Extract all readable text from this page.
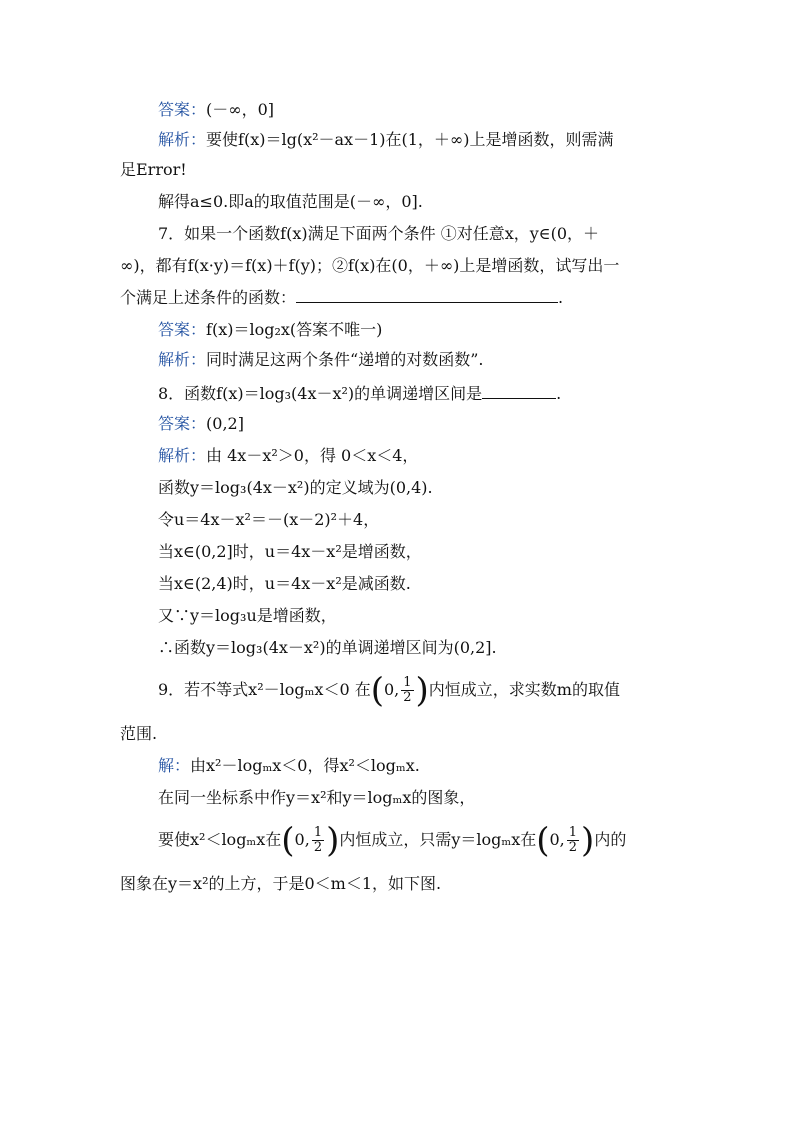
答案：(－∞，0]
解析：要使f(x)＝lg(x²－ax－1)在(1，＋∞)上是增函数，则需满
足Error!
解得a≤0.即a的取值范围是(－∞，0].
7．如果一个函数f(x)满足下面两个条件 ①对任意x，y∈(0，＋
∞)，都有f(x·y)＝f(x)＋f(y)；②f(x)在(0，＋∞)上是增函数，试写出一
个满足上述条件的函数：	.
答案：f(x)＝log₂x(答案不唯一)
解析：同时满足这两个条件“递增的对数函数”.
8．函数f(x)＝log₃(4x－x²)的单调递增区间是	.
答案：(0,2]
解析：由 4x－x²＞0，得 0＜x＜4，
函数y＝log₃(4x－x²)的定义域为(0,4).
令u＝4x－x²＝－(x－2)²＋4，
当x∈(0,2]时，u＝4x－x²是增函数，
当x∈(2,4)时，u＝4x－x²是减函数.
又∵y＝log₃u是增函数，
∴函数y＝log₃(4x－x²)的单调递增区间为(0,2].
9．若不等式x²－logₘx＜0 在(0, $\frac{1}{2}$ )内恒成立，求实数m的取值
范围.
解：由x²－logₘx＜0，得x²＜logₘx.
在同一坐标系中作y＝x²和y＝logₘx的图象，
要使x²＜logₘx在(0, $\frac{1}{2}$ )内恒成立，只需y＝logₘx在(0, $\frac{1}{2}$ )内的
图象在y＝x²的上方，于是0＜m＜1，如下图.
